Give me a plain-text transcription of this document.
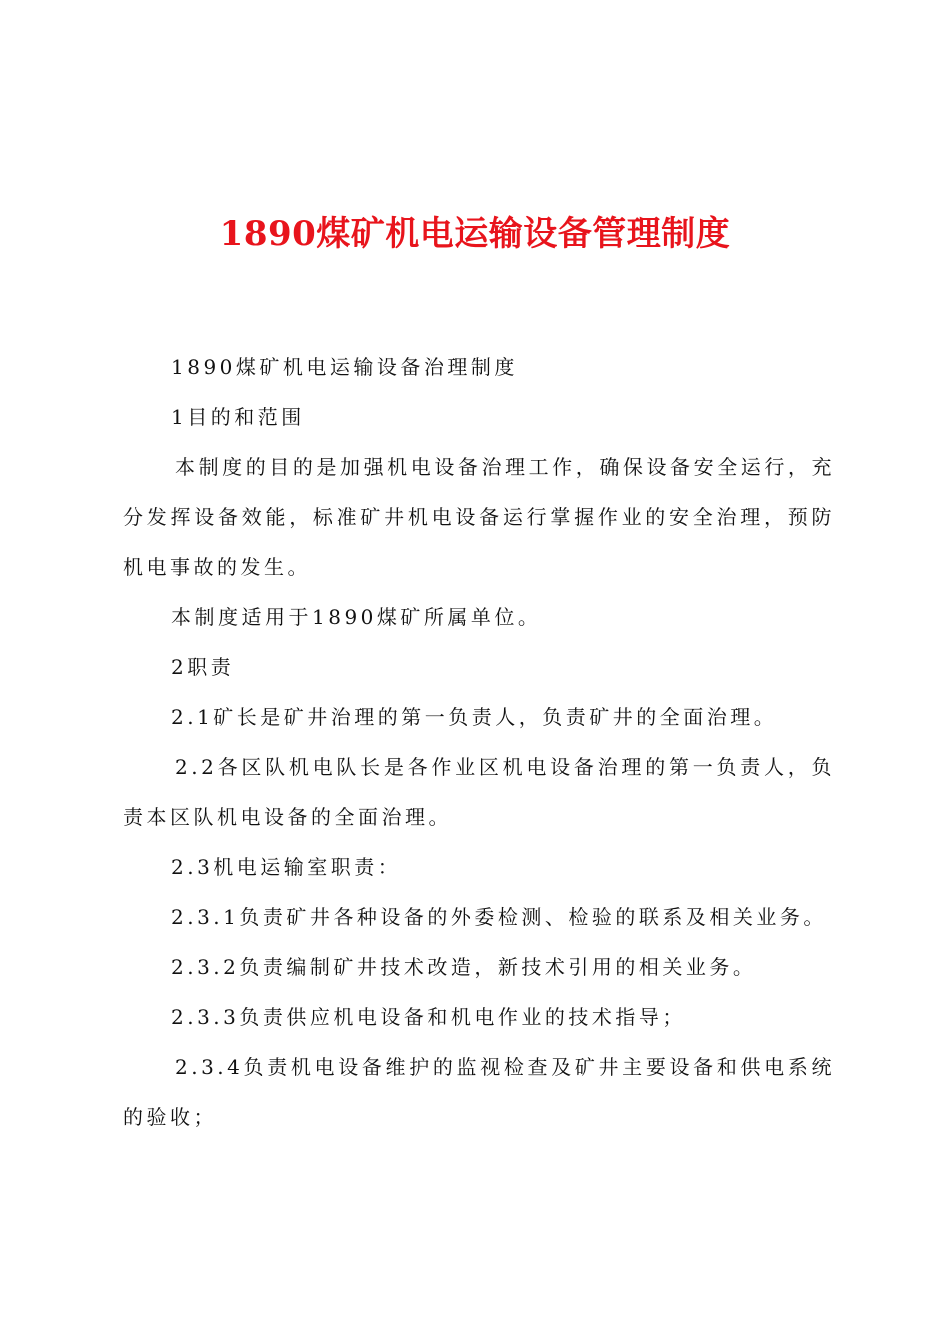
1890煤矿机电运输设备管理制度

1890煤矿机电运输设备治理制度

1目的和范围

本制度的目的是加强机电设备治理工作，确保设备安全运行，充分发挥设备效能，标准矿井机电设备运行掌握作业的安全治理，预防机电事故的发生。

本制度适用于1890煤矿所属单位。

2职责

2.1矿长是矿井治理的第一负责人，负责矿井的全面治理。

2.2各区队机电队长是各作业区机电设备治理的第一负责人，负责本区队机电设备的全面治理。

2.3机电运输室职责：

2.3.1负责矿井各种设备的外委检测、检验的联系及相关业务。

2.3.2负责编制矿井技术改造，新技术引用的相关业务。

2.3.3负责供应机电设备和机电作业的技术指导；

2.3.4负责机电设备维护的监视检查及矿井主要设备和供电系统的验收；
